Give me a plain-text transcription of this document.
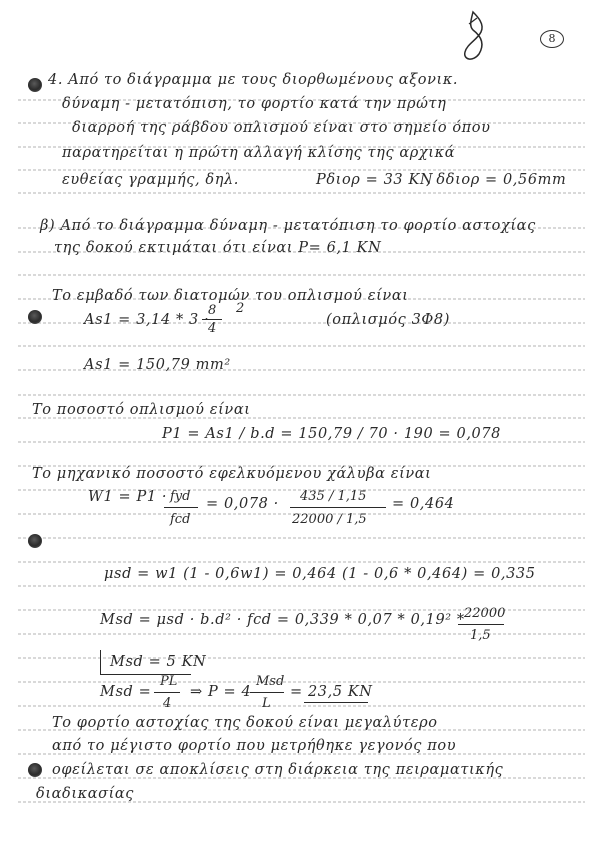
8
4. Από το διάγραμμα με τους διορθωμένους αξονικ.
δύναμη - μετατόπιση, το φορτίο κατά την πρώτη
διαρροή της ράβδου οπλισμού είναι στο σημείο όπου
παρατηρείται η πρώτη αλλαγή κλίσης της αρχικά
ευθείας γραμμής, δηλ.	Pδιορ = 33 KN
, δδιορ = 0,56mm
β) Από το διάγραμμα δύναμη - μετατόπιση το φορτίο αστοχίας
της δοκού εκτιμάται ότι είναι P= 6,1 KN
Το εμβαδό των διατομών του οπλισμού είναι
As1 = 3,14 * 3 ·
8
4
2
(οπλισμός 3Φ8)
As1 = 150,79 mm²
Το ποσοστό οπλισμού είναι
P1 = As1 / b.d = 150,79 / 70 · 190 = 0,078
Το μηχανικό ποσοστό εφελκυόμενου χάλυβα είναι
W1 = P1 · fyd
fcd
= 0,078 · 435 / 1,15
22000 / 1,5
= 0,464
μsd = w1 (1 - 0,6w1) = 0,464 (1 - 0,6 * 0,464) = 0,335
Msd = μsd · b.d² · fcd = 0,339 * 0,07 * 0,19² * 22000
1,5
Msd = 5 KN
Msd =
PL
4
⇒ P = 4
Msd
L
= 23,5 KN
Το φορτίο αστοχίας της δοκού είναι μεγαλύτερο
από το μέγιστο φορτίο που μετρήθηκε γεγονός που
οφείλεται σε αποκλίσεις στη διάρκεια της πειραματικής
διαδικασίας
